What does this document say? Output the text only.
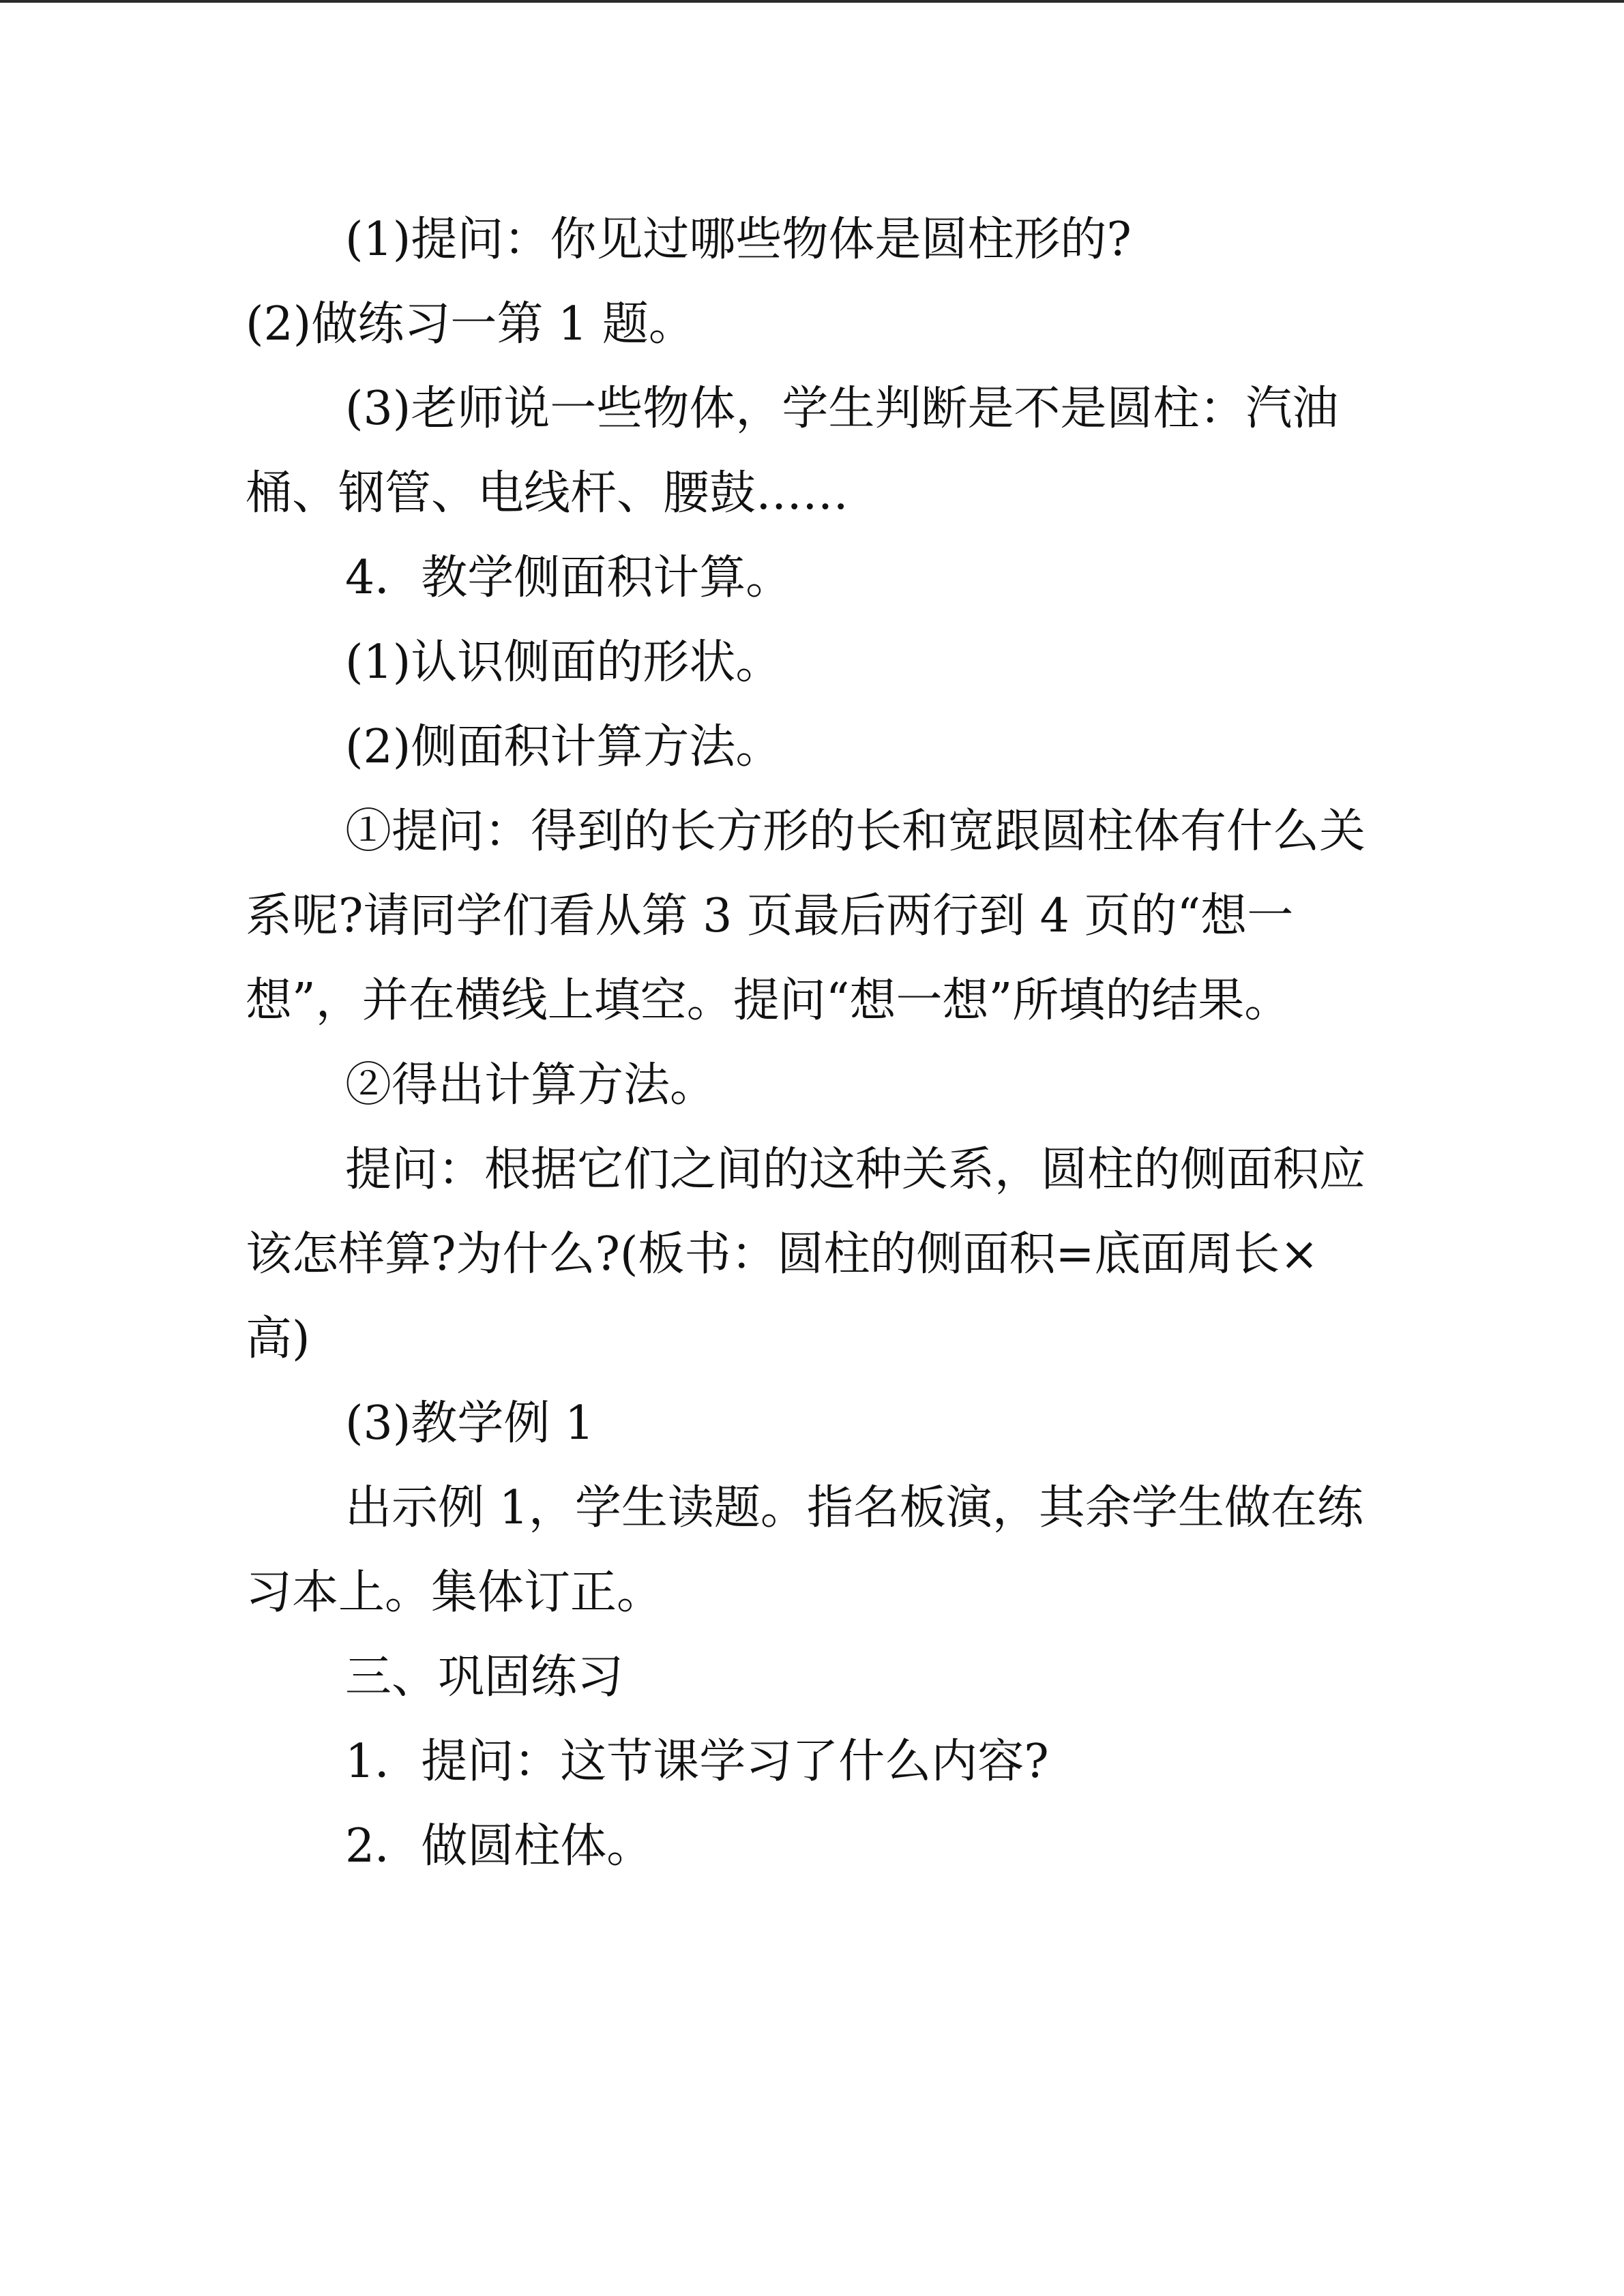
(1)提问：你见过哪些物体是圆柱形的?

(2)做练习一第 1 题。

(3)老师说一些物体，学生判断是不是圆柱：汽油桶、钢管、电线杆、腰鼓……

4．教学侧面积计算。

(1)认识侧面的形状。

(2)侧面积计算方法。

①提问：得到的长方形的长和宽跟圆柱体有什么关系呢?请同学们看从第 3 页最后两行到 4 页的“想一想”，并在横线上填空。提问“想一想”所填的结果。

②得出计算方法。

提问：根据它们之间的这种关系，圆柱的侧面积应该怎样算?为什么?(板书：圆柱的侧面积=底面周长×高)

(3)教学例 1

出示例 1，学生读题。指名板演，其余学生做在练习本上。集体订正。

三、巩固练习

1．提问：这节课学习了什么内容?

2．做圆柱体。
